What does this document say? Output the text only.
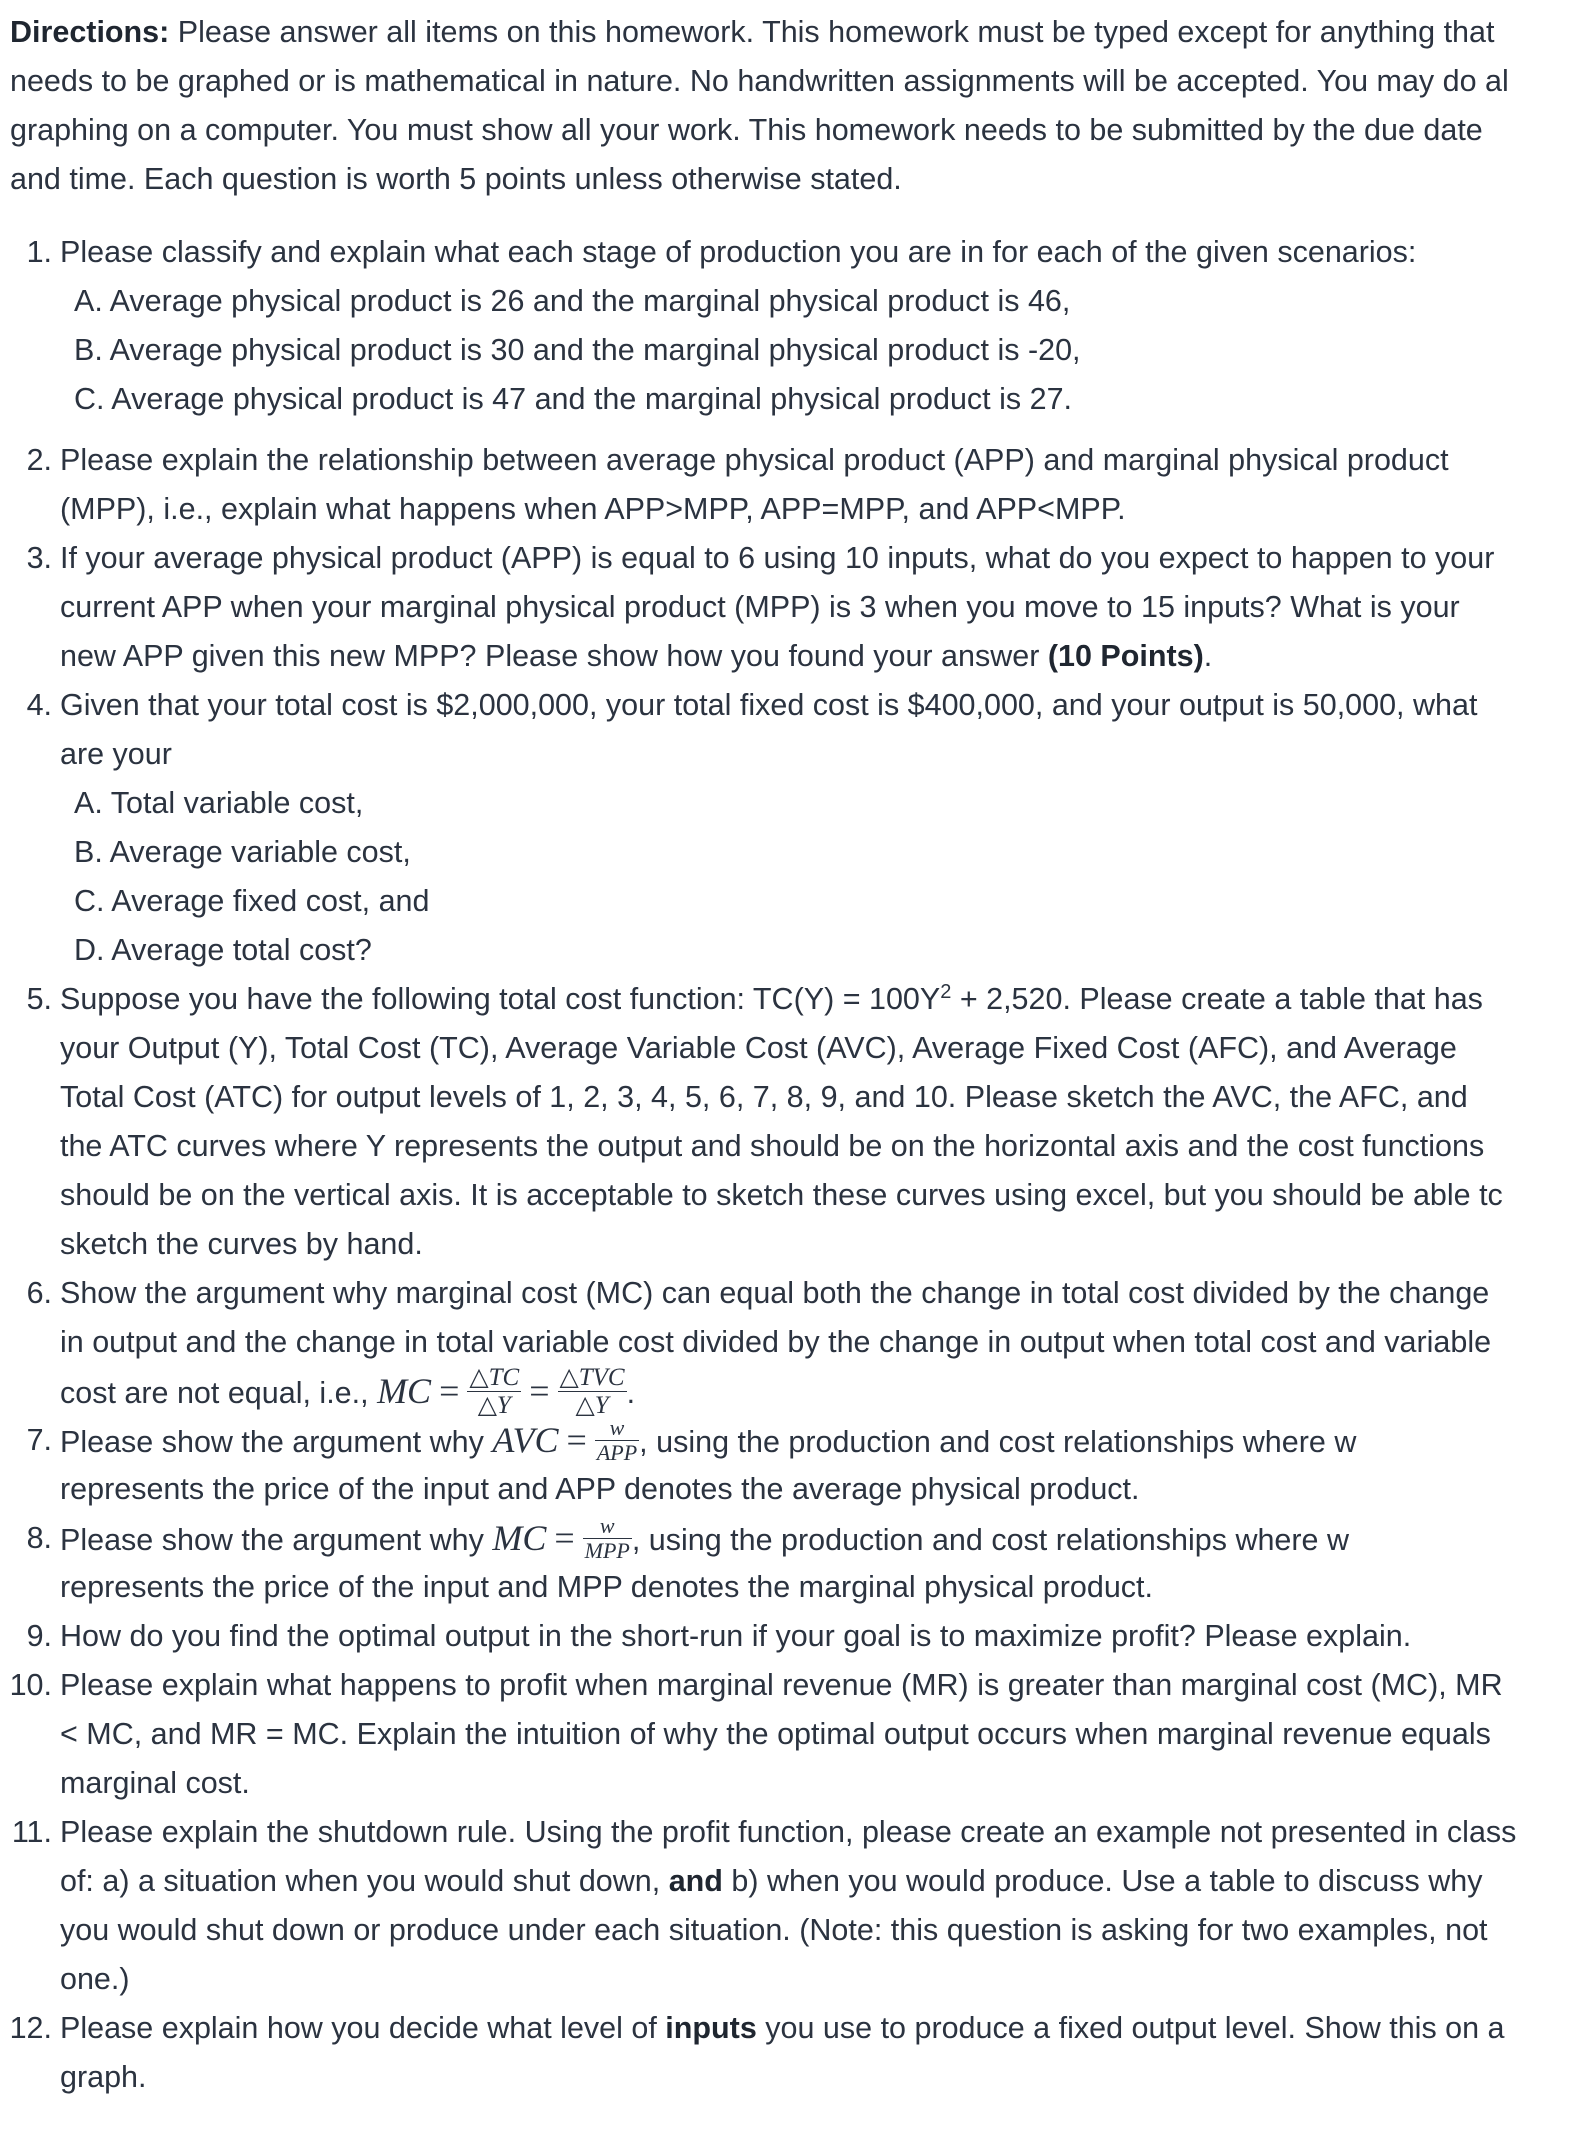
Directions: Please answer all items on this homework. This homework must be typed except for anything that
needs to be graphed or is mathematical in nature. No handwritten assignments will be accepted. You may do al
graphing on a computer. You must show all your work. This homework needs to be submitted by the due date
and time. Each question is worth 5 points unless otherwise stated.
1. Please classify and explain what each stage of production you are in for each of the given scenarios:
A. Average physical product is 26 and the marginal physical product is 46,
B. Average physical product is 30 and the marginal physical product is -20,
C. Average physical product is 47 and the marginal physical product is 27.
2. Please explain the relationship between average physical product (APP) and marginal physical product
(MPP), i.e., explain what happens when APP>MPP, APP=MPP, and APP<MPP.
3. If your average physical product (APP) is equal to 6 using 10 inputs, what do you expect to happen to your
current APP when your marginal physical product (MPP) is 3 when you move to 15 inputs? What is your
new APP given this new MPP? Please show how you found your answer (10 Points).
4. Given that your total cost is $2,000,000, your total fixed cost is $400,000, and your output is 50,000, what
are your
A. Total variable cost,
B. Average variable cost,
C. Average fixed cost, and
D. Average total cost?
5. Suppose you have the following total cost function: $TC(Y) = 100Y^2 + 2,520$. Please create a table that has
your Output (Y), Total Cost (TC), Average Variable Cost (AVC), Average Fixed Cost (AFC), and Average
Total Cost (ATC) for output levels of 1, 2, 3, 4, 5, 6, 7, 8, 9, and 10. Please sketch the AVC, the AFC, and
the ATC curves where Y represents the output and should be on the horizontal axis and the cost functions
should be on the vertical axis. It is acceptable to sketch these curves using excel, but you should be able tc
sketch the curves by hand.
6. Show the argument why marginal cost (MC) can equal both the change in total cost divided by the change
in output and the change in total variable cost divided by the change in output when total cost and variable
cost are not equal, i.e., MC = $\frac{\triangle TC}{\triangle Y} = \frac{\text{△TVC}}{\triangle Y}$ .
7. Please show the argument why AVC = $\frac{w}{\text{APP}}$ , using the production and cost relationships where w
represents the price of the input and APP denotes the average physical product.
8. Please show the argument why MC = $\frac{w}{\text{MPP}}$ , using the production and cost relationships where w
represents the price of the input and MPP denotes the marginal physical product.
9. How do you find the optimal output in the short-run if your goal is to maximize profit? Please explain.
10. Please explain what happens to profit when marginal revenue (MR) is greater than marginal cost (MC), MR
< MC, and MR = MC. Explain the intuition of why the optimal output occurs when marginal revenue equals
marginal cost.
11. Please explain the shutdown rule. Using the profit function, please create an example not presented in class
of: a) a situation when you would shut down, and b) when you would produce. Use a table to discuss why
you would shut down or produce under each situation. (Note: this question is asking for two examples, not
one.)
12. Please explain how you decide what level of inputs you use to produce a fixed output level. Show this on a
graph.
